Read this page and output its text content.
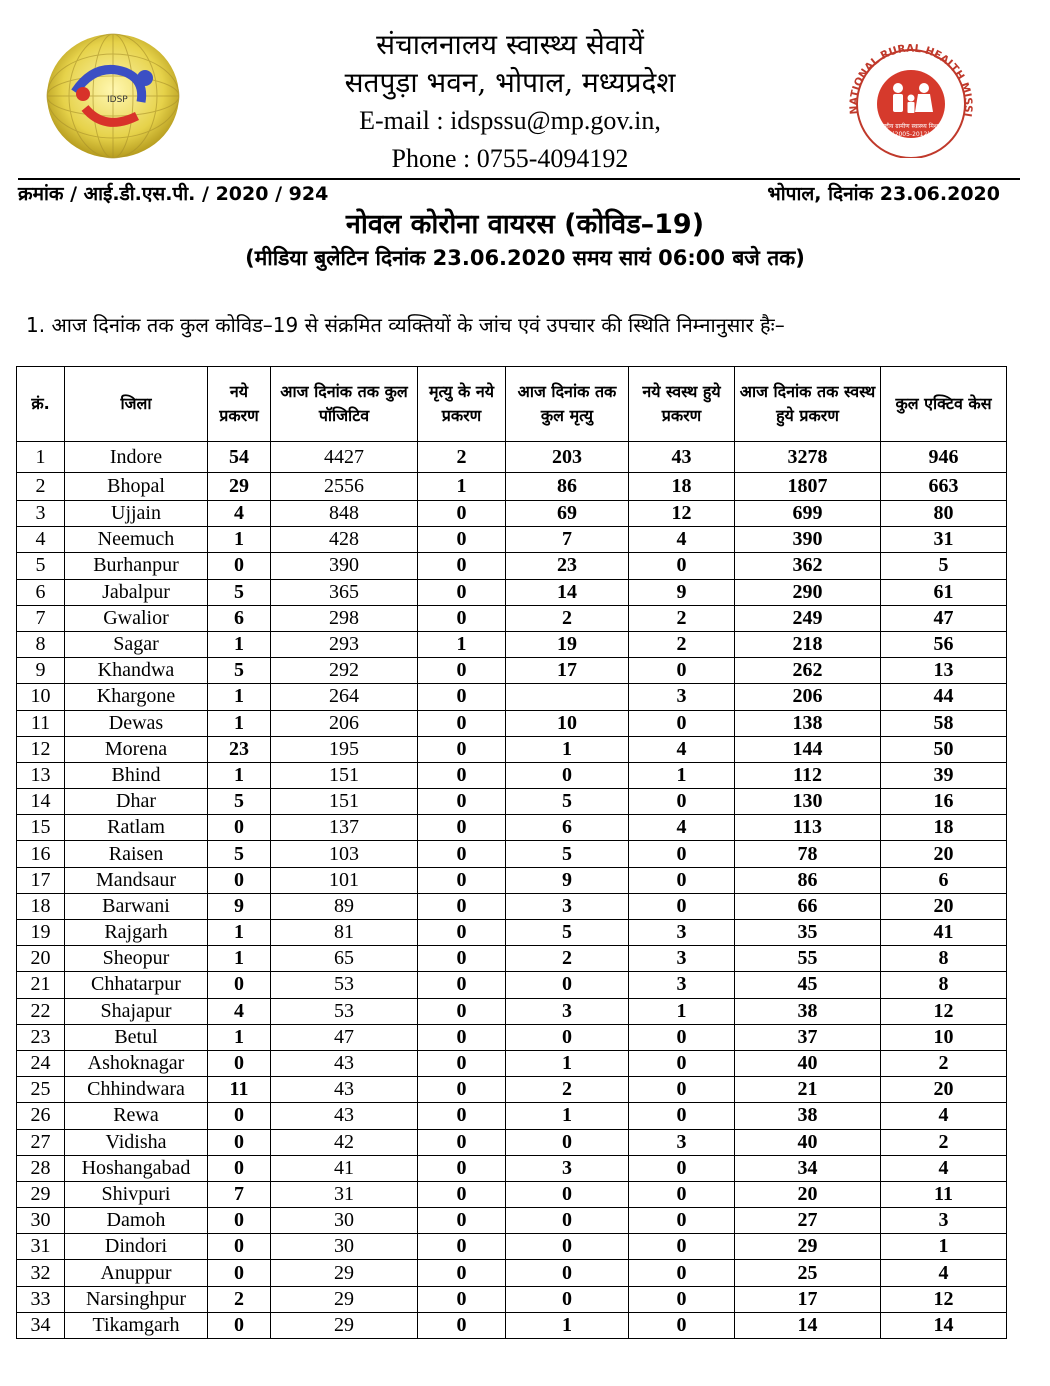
IDSP
संचालनालय स्वास्थ्य सेवायें
सतपुड़ा भवन, भोपाल, मध्यप्रदेश
E-mail : idspssu@mp.gov.in,
Phone : 0755-4094192
NATIONAL RURAL HEALTH MISSI
राष्ट्रीय ग्रामीण स्वास्थ्य मिशन
(2005-2012)
क्रमांक / आई.डी.एस.पी. / 2020 / 924	भोपाल, दिनांक 23.06.2020
नोवल कोरोना वायरस (कोविड–19)
(मीडिया बुलेटिन दिनांक 23.06.2020 समय सायं 06:00 बजे तक)
1. आज दिनांक तक कुल कोविड–19 से संक्रमित व्यक्तियों के जांच एवं उपचार की स्थिति निम्नानुसार हैः–
क्रं.	जिला	नये प्रकरण	आज दिनांक तक कुल पॉजिटिव	मृत्यु के नये प्रकरण	आज दिनांक तक कुल मृत्यु	नये स्वस्थ हुये प्रकरण	आज दिनांक तक स्वस्थ हुये प्रकरण	कुल एक्टिव केस
1	Indore	54	4427	2	203	43	3278	946
2	Bhopal	29	2556	1	86	18	1807	663
3	Ujjain	4	848	0	69	12	699	80
4	Neemuch	1	428	0	7	4	390	31
5	Burhanpur	0	390	0	23	0	362	5
6	Jabalpur	5	365	0	14	9	290	61
7	Gwalior	6	298	0	2	2	249	47
8	Sagar	1	293	1	19	2	218	56
9	Khandwa	5	292	0	17	0	262	13
10	Khargone	1	264	0		3	206	44
11	Dewas	1	206	0	10	0	138	58
12	Morena	23	195	0	1	4	144	50
13	Bhind	1	151	0	0	1	112	39
14	Dhar	5	151	0	5	0	130	16
15	Ratlam	0	137	0	6	4	113	18
16	Raisen	5	103	0	5	0	78	20
17	Mandsaur	0	101	0	9	0	86	6
18	Barwani	9	89	0	3	0	66	20
19	Rajgarh	1	81	0	5	3	35	41
20	Sheopur	1	65	0	2	3	55	8
21	Chhatarpur	0	53	0	0	3	45	8
22	Shajapur	4	53	0	3	1	38	12
23	Betul	1	47	0	0	0	37	10
24	Ashoknagar	0	43	0	1	0	40	2
25	Chhindwara	11	43	0	2	0	21	20
26	Rewa	0	43	0	1	0	38	4
27	Vidisha	0	42	0	0	3	40	2
28	Hoshangabad	0	41	0	3	0	34	4
29	Shivpuri	7	31	0	0	0	20	11
30	Damoh	0	30	0	0	0	27	3
31	Dindori	0	30	0	0	0	29	1
32	Anuppur	0	29	0	0	0	25	4
33	Narsinghpur	2	29	0	0	0	17	12
34	Tikamgarh	0	29	0	1	0	14	14
